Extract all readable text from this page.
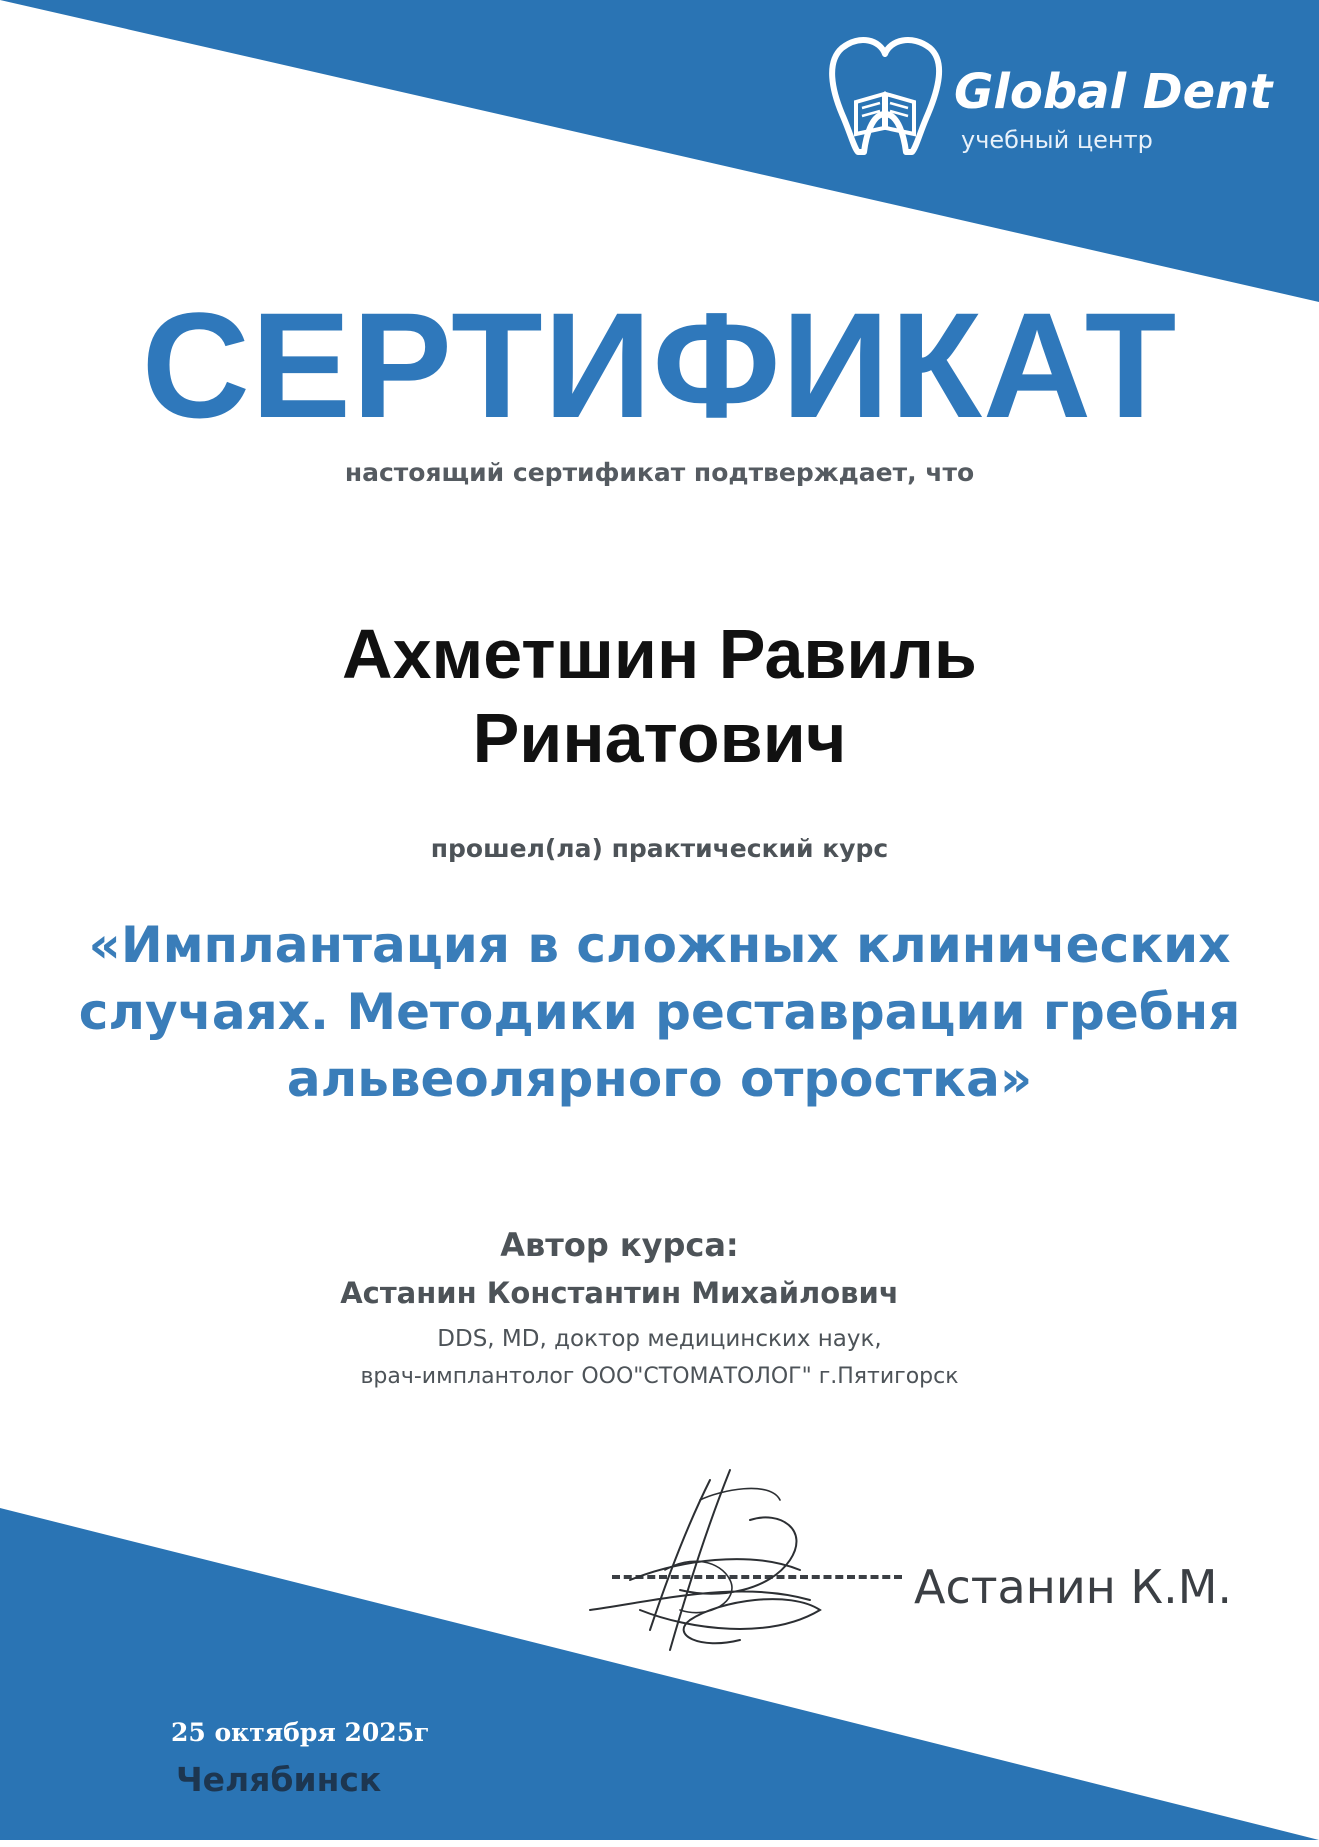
Global Dent
учебный центр
СЕРТИФИКАТ
настоящий сертификат подтверждает, что
Ахметшин Равиль
Ринатович
прошел(ла) практический курс
«Имплантация в сложных клинических
случаях. Методики реставрации гребня
альвеолярного отростка»
Автор курса:
Астанин Константин Михайлович
DDS, MD, доктор медицинских наук,
врач-имплантолог ООО"СТОМАТОЛОГ" г.Пятигорск
Астанин К.М.
25 октября 2025г
Челябинск
